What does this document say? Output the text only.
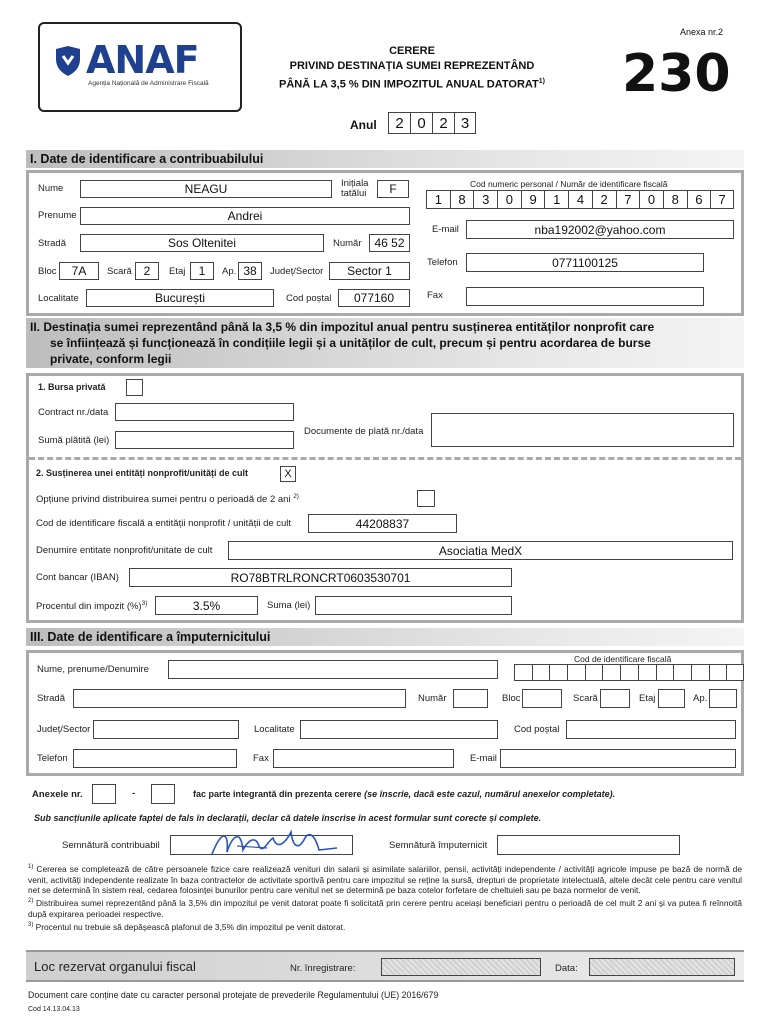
ANAF
Agenția Națională de Administrare Fiscală
CERERE
PRIVIND DESTINAȚIA SUMEI REPREZENTÂND
PÂNĂ LA 3,5 % DIN IMPOZITUL ANUAL DATORAT$^{1)}$
Anexa nr.2
230
Anul	2 0 2 3
I. Date de identificare a contribuabilului
Nume	NEAGU	Inițiala
tatălui	F	Cod numeric personal / Număr de identificare fiscală
1	8	3	0	9	1	4	2	7	0	8	6	7
Prenume	Andrei
E-mail	nba192002@yahoo.com
Stradă	Sos Oltenitei	Număr	46 52
Telefon	0771100125
Bloc	7A	Scară 2	Etaj	1	Ap. 38	Județ/Sector	Sector 1
Fax
Localitate	București	Cod poștal	077160
II. Destinația sumei reprezentând până la 3,5 % din impozitul anual pentru susținerea entităților nonprofit care
se înființează și funcționează în condițiile legii și a unităților de cult, precum și pentru acordarea de burse
private, conform legii
1. Bursa privată
Contract nr./data
Sumă plătită (lei)
Documente de plată nr./data
2. Susținerea unei entități nonprofit/unități de cult	X
Opțiune privind distribuirea sumei pentru o perioadă de 2 ani $^{2)}$
Cod de identificare fiscală a entității nonprofit / unității de cult	44208837
Denumire entitate nonprofit/unitate de cult	Asociatia MedX
Cont bancar (IBAN)	RO78BTRLRONCRT0603530701
Procentul din impozit (%)$^{3)}$	3.5%	Suma (lei)
III. Date de identificare a împuternicitului
Nume, prenume/Denumire
Cod de identificare fiscală
Stradă	Număr	Bloc	Scară	Etaj	Ap.
Județ/Sector	Localitate	Cod poștal
Telefon	Fax	E-mail
Anexele nr.	-	fac parte integrantă din prezenta cerere (se înscrie, dacă este cazul, numărul anexelor completate).
Sub sancțiunile aplicate faptei de fals în declarații, declar că datele înscrise în acest formular sunt corecte și complete.
Semnătură contribuabil	Semnătură împuternicit
$^{1)}$ Cererea se completează de către persoanele fizice care realizează venituri din salarii și asimilate salariilor, pensii, activități independente / activități agricole impuse pe bază de normă de venit, activități independente realizate în baza contractelor de activitate sportivă pentru care impozitul se reține la sursă, drepturi de proprietate intelectuală, altele decât cele pentru care venitul net se determină în sistem real, cedarea folosinței bunurilor pentru care venitul net se determină pe baza cotelor forfetare de cheltuieli sau pe baza normelor de venit.
$^{2)}$ Distribuirea sumei reprezentând până la 3,5% din impozitul pe venit datorat poate fi solicitată prin cerere pentru aceiași beneficiari pentru o perioadă de cel mult 2 ani și va putea fi reînnoită după expirarea perioadei respective.
$^{3)}$ Procentul nu trebuie să depășească plafonul de 3,5% din impozitul pe venit datorat.
Loc rezervat organului fiscal	Nr. înregistrare:	Data:
Document care conține date cu caracter personal protejate de prevederile Regulamentului (UE) 2016/679
Cod 14.13.04.13
